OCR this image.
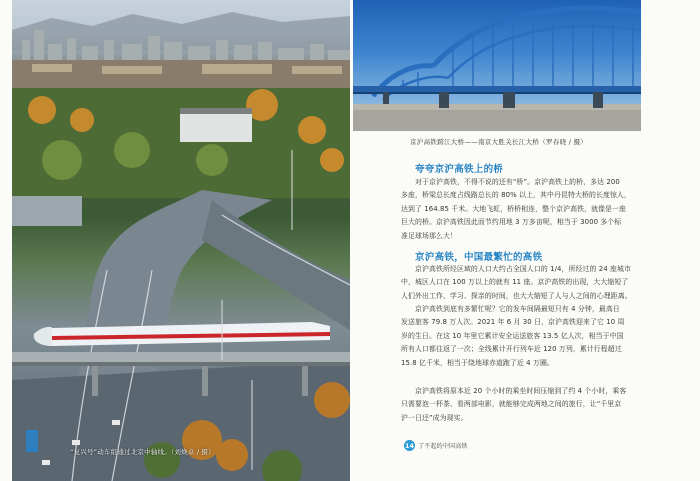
“复兴号”动车组通过北京中轴线。（刘焕卓 / 摄）
京沪高铁跨江大桥——南京大胜关长江大桥（罗春晓 / 摄）
夸夸京沪高铁上的桥

对于京沪高铁，不得不说的还有“桥”。京沪高铁上的桥，多达 200

多座，桥梁总长度占线路总长的 80% 以上，其中丹昆特大桥的长度惊人，

达到了 164.85 千米。大地飞虹，桥桥相连，整个京沪高铁，就像是一座

巨大的桥。京沪高铁因此而节约用地 3 万多亩呢，相当于 3000 多个标

准足球场那么大！

京沪高铁，中国最繁忙的高铁

京沪高铁所经区域的人口大约占全国人口的 1/4，所经过的 24 座城市

中，城区人口在 100 万以上的就有 11 座。京沪高铁的出现，大大缩短了

人们外出工作、学习、探亲的时间，也大大缩短了人与人之间的心理距离。

京沪高铁到底有多繁忙呢？它的发车间隔最短只有 4 分钟，最高日

发送旅客 79.8 万人次。2021 年 6 月 30 日，京沪高铁迎来了它 10 周

岁的生日。在这 10 年里它累计安全运送旅客 13.5 亿人次，相当于中国

所有人口都往返了一次；全线累计开行列车近 120 万列，累计行程超过

15.8 亿千米，相当于绕地球赤道跑了近 4 万圈。

京沪高铁将原本近 20 个小时的乘坐时间压缩到了约 4 个小时，乘客

只需要泡一杯茶、看两部电影，就能够完成两地之间的旅行，让“千里京

沪一日还”成为现实。

14 了不起的中国高铁
